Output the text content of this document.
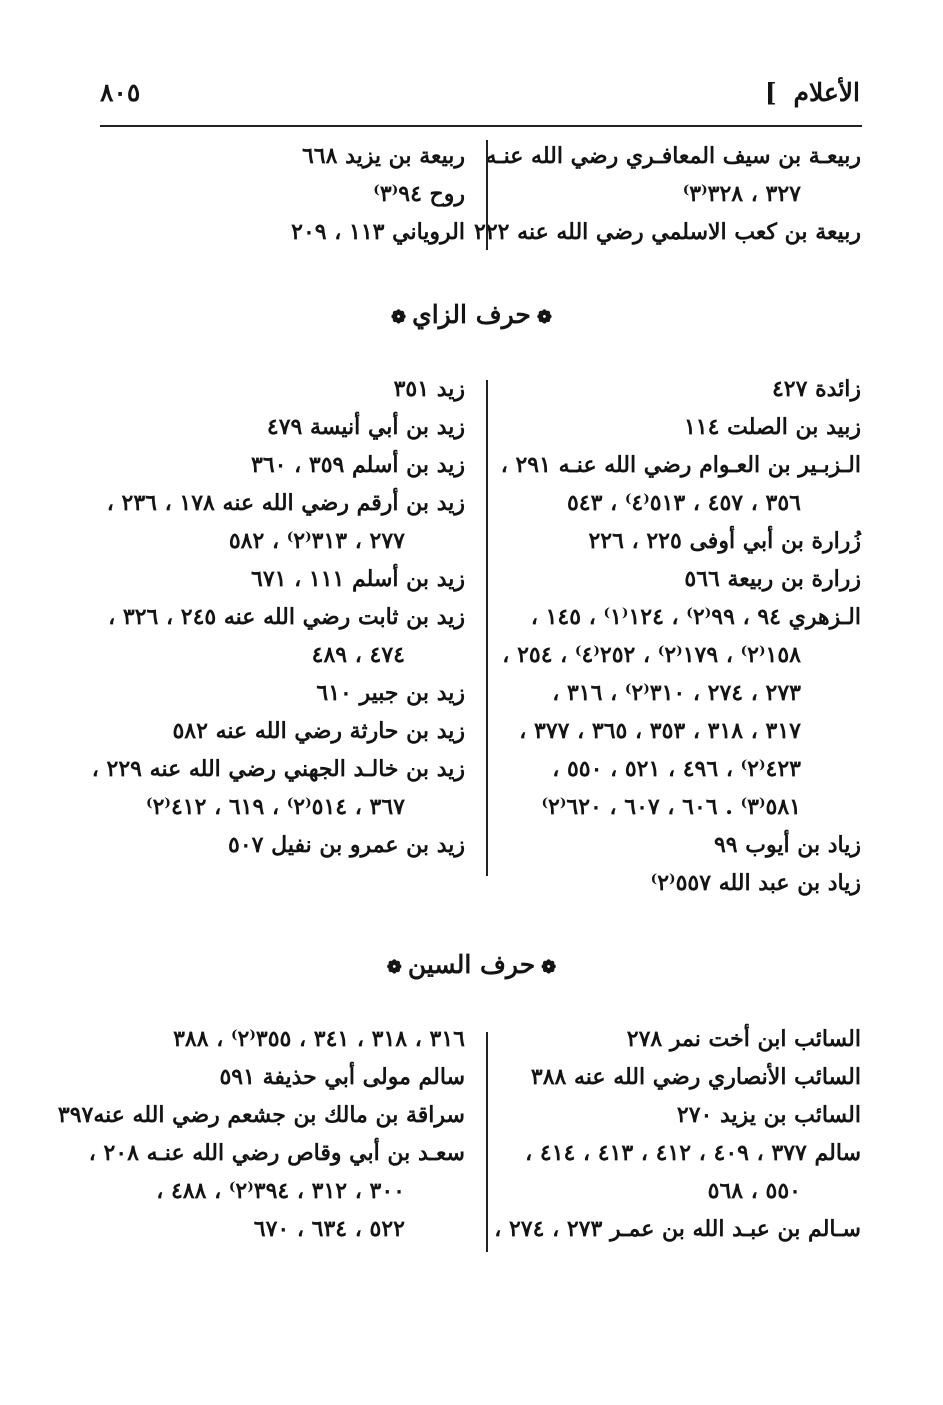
الأعلام ]
٨٠٥
ربيعـة بن سيف المعافـري رضي الله عنـه
٣٢٧ ، ٣٢٨⁽٣⁾
ربيعة بن كعب الاسلمي رضي الله عنه ٢٢٢
ربيعة بن يزيد ٦٦٨
روح ٩٤⁽٣⁾
الروياني ١١٣ ، ٢٠٩
❁حرف الزاي❁
زائدة ٤٢٧
زبيد بن الصلت ١١٤
الـزبـير بن العـوام رضي الله عنـه ٢٩١ ،
٣٥٦ ، ٤٥٧ ، ٥١٣⁽٤⁾ ، ٥٤٣
زُرارة بن أبي أوفى ٢٢٥ ، ٢٢٦
زرارة بن ربيعة ٥٦٦
الـزهري ٩٤ ، ٩٩⁽٢⁾ ، ١٢٤⁽١⁾ ، ١٤٥ ،
١٥٨⁽٢⁾ ، ١٧٩⁽٢⁾ ، ٢٥٢⁽٤⁾ ، ٢٥٤ ،
٢٧٣ ، ٢٧٤ ، ٣١٠⁽٢⁾ ، ٣١٦ ،
٣١٧ ، ٣١٨ ، ٣٥٣ ، ٣٦٥ ، ٣٧٧ ،
٤٢٣⁽٢⁾ ، ٤٩٦ ، ٥٢١ ، ٥٥٠ ،
٥٨١⁽٣⁾ . ٦٠٦ ، ٦٠٧ ، ٦٢٠⁽٢⁾
زياد بن أيوب ٩٩
زياد بن عبد الله ٥٥٧⁽٢⁾
زيد ٣٥١
زيد بن أبي أنيسة ٤٧٩
زيد بن أسلم ٣٥٩ ، ٣٦٠
زيد بن أرقم رضي الله عنه ١٧٨ ، ٢٣٦ ،
٢٧٧ ، ٣١٣⁽٢⁾ ، ٥٨٢
زيد بن أسلم ١١١ ، ٦٧١
زيد بن ثابت رضي الله عنه ٢٤٥ ، ٣٢٦ ،
٤٧٤ ، ٤٨٩
زيد بن جبير ٦١٠
زيد بن حارثة رضي الله عنه ٥٨٢
زيد بن خالـد الجهني رضي الله عنه ٢٢٩ ،
٣٦٧ ، ٥١٤⁽٢⁾ ، ٦١٩ ، ٤١٢⁽٢⁾
زيد بن عمرو بن نفيل ٥٠٧
❁حرف السين❁
السائب ابن أخت نمر ٢٧٨
السائب الأنصاري رضي الله عنه ٣٨٨
السائب بن يزيد ٢٧٠
سالم ٣٧٧ ، ٤٠٩ ، ٤١٢ ، ٤١٣ ، ٤١٤ ،
٥٥٠ ، ٥٦٨
سـالم بن عبـد الله بن عمـر ٢٧٣ ، ٢٧٤ ،
٣١٦ ، ٣١٨ ، ٣٤١ ، ٣٥٥⁽٢⁾ ، ٣٨٨
سالم مولى أبي حذيفة ٥٩١
سراقة بن مالك بن جشعم رضي الله عنه٣٩٧
سعـد بن أبي وقاص رضي الله عنـه ٢٠٨ ،
٣٠٠ ، ٣١٢ ، ٣٩٤⁽٢⁾ ، ٤٨٨ ،
٥٢٢ ، ٦٣٤ ، ٦٧٠
